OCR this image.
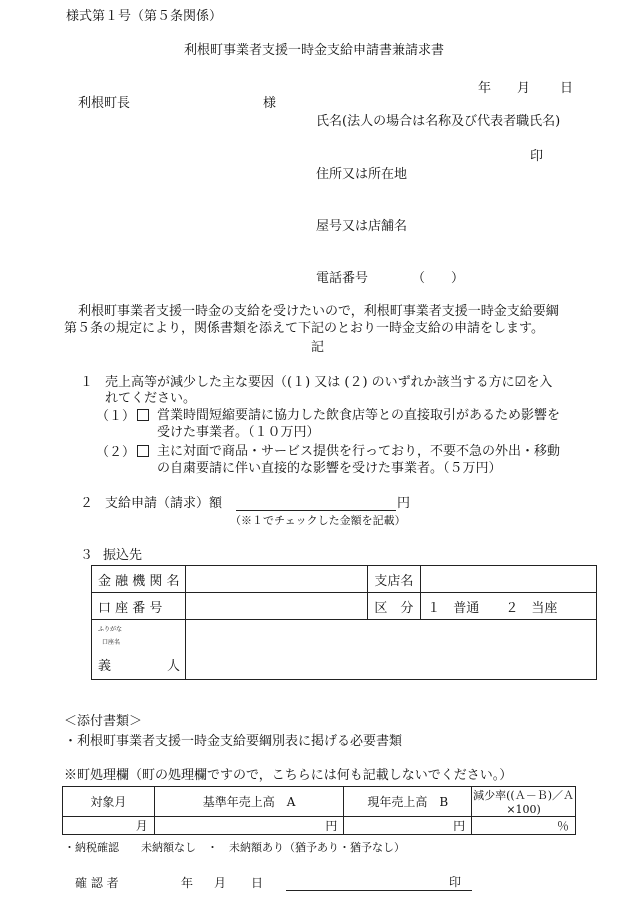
様式第１号（第５条関係）
利根町事業者支援一時金支給申請書兼請求書
年 月 日
利根町長	様
氏名(法人の場合は名称及び代表者職氏名)
印
住所又は所在地
屋号又は店舗名
電話番号	（　　）
利根町事業者支援一時金の支給を受けたいので，利根町事業者支援一時金支給要綱
第５条の規定により，関係書類を添えて下記のとおり一時金支給の申請をします。
記
１ 売上高等が減少した主な要因（(１) 又は (２) のいずれか該当する方に☑を入
れてください。
（１）	営業時間短縮要請に協力した飲食店等との直接取引があるため影響を
受けた事業者。（１０万円）
（２）	主に対面で商品・サービス提供を行っており，不要不急の外出・移動
の自粛要請に伴い直接的な影響を受けた事業者。（５万円）
２ 支給申請（請求）額	円
（※１でチェックした金額を記載）
３ 振込先
金 融 機 関 名		支店名	
口 座 番 号		区　分	１　普通　　 ２　当座

ふりがな
口座名
義 人			

＜添付書類＞
・利根町事業者支援一時金支給要綱別表に掲げる必要書類
※町処理欄（町の処理欄ですので，こちらには何も記載しないでください。）
対象月	基準年売上高　A	現年売上高　B	減少率((Ａ－Ｂ)／Ａ×100)
月	円	円	％
・納税確認　　 未納額なし　 ・　 未納額あり（猶予あり・猶予なし）
確 認 者	年 月 日	印
